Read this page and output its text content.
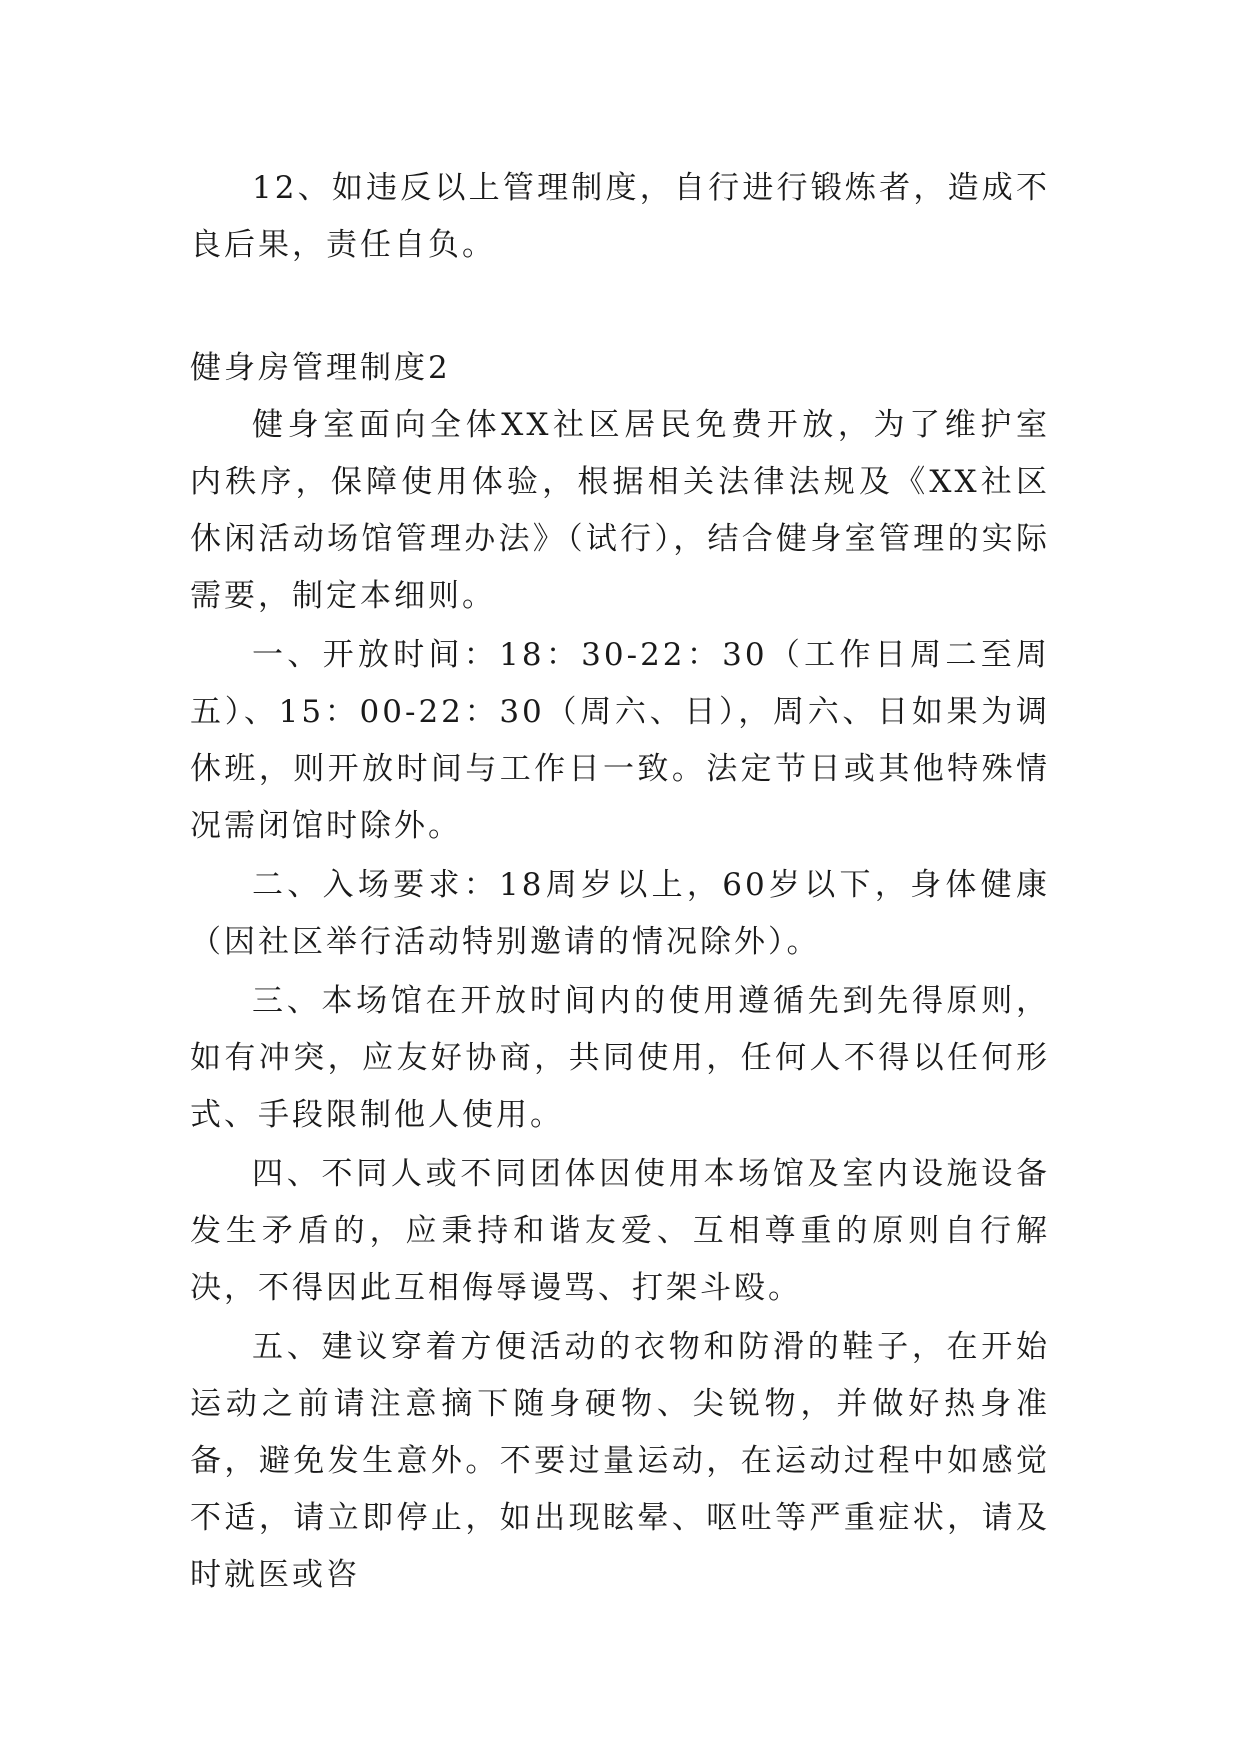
12、如违反以上管理制度，自行进行锻炼者，造成不良后果，责任自负。

健身房管理制度2

健身室面向全体XX社区居民免费开放，为了维护室内秩序，保障使用体验，根据相关法律法规及《XX社区休闲活动场馆管理办法》（试行），结合健身室管理的实际需要，制定本细则。

一、开放时间：18：30-22：30（工作日周二至周五）、15：00-22：30（周六、日），周六、日如果为调休班，则开放时间与工作日一致。法定节日或其他特殊情况需闭馆时除外。

二、入场要求：18周岁以上，60岁以下，身体健康（因社区举行活动特别邀请的情况除外）。

三、本场馆在开放时间内的使用遵循先到先得原则，如有冲突，应友好协商，共同使用，任何人不得以任何形式、手段限制他人使用。

四、不同人或不同团体因使用本场馆及室内设施设备发生矛盾的，应秉持和谐友爱、互相尊重的原则自行解决，不得因此互相侮辱谩骂、打架斗殴。

五、建议穿着方便活动的衣物和防滑的鞋子，在开始运动之前请注意摘下随身硬物、尖锐物，并做好热身准备，避免发生意外。不要过量运动，在运动过程中如感觉不适，请立即停止，如出现眩晕、呕吐等严重症状，请及时就医或咨
